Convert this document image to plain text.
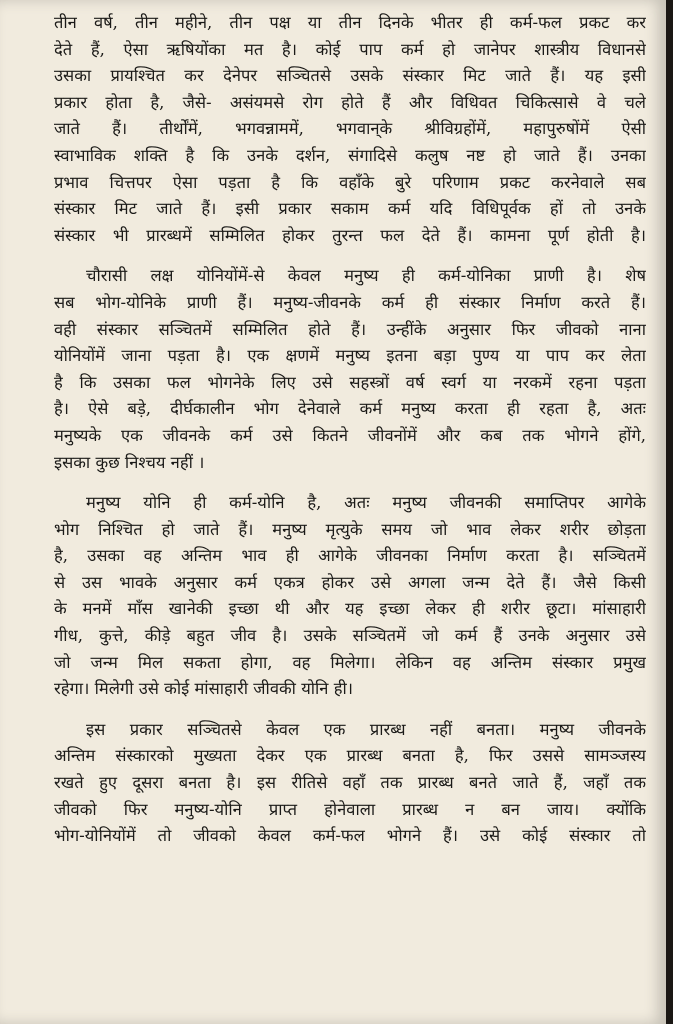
तीन वर्ष, तीन महीने, तीन पक्ष या तीन दिनके भीतर ही कर्म-फल प्रकट कर
देते हैं, ऐसा ऋषियोंका मत है। कोई पाप कर्म हो जानेपर शास्त्रीय विधानसे
उसका प्रायश्चित कर देनेपर सञ्चितसे उसके संस्कार मिट जाते हैं। यह इसी
प्रकार होता है, जैसे- असंयमसे रोग होते हैं और विधिवत चिकित्सासे वे चले
जाते हैं। तीर्थोंमें, भगवन्नाममें, भगवान्‌के श्रीविग्रहोंमें, महापुरुषोंमें ऐसी
स्वाभाविक शक्ति है कि उनके दर्शन, संगादिसे कलुष नष्ट हो जाते हैं। उनका
प्रभाव चित्तपर ऐसा पड़ता है कि वहाँके बुरे परिणाम प्रकट करनेवाले सब
संस्कार मिट जाते हैं। इसी प्रकार सकाम कर्म यदि विधिपूर्वक हों तो उनके
संस्कार भी प्रारब्धमें सम्मिलित होकर तुरन्त फल देते हैं। कामना पूर्ण होती है।

चौरासी लक्ष योनियोंमें-से केवल मनुष्य ही कर्म-योनिका प्राणी है। शेष
सब भोग-योनिके प्राणी हैं। मनुष्य-जीवनके कर्म ही संस्कार निर्माण करते हैं।
वही संस्कार सञ्चितमें सम्मिलित होते हैं। उन्हींके अनुसार फिर जीवको नाना
योनियोंमें जाना पड़ता है। एक क्षणमें मनुष्य इतना बड़ा पुण्य या पाप कर लेता
है कि उसका फल भोगनेके लिए उसे सहस्त्रों वर्ष स्वर्ग या नरकमें रहना पड़ता
है। ऐसे बड़े, दीर्घकालीन भोग देनेवाले कर्म मनुष्य करता ही रहता है, अतः
मनुष्यके एक जीवनके कर्म उसे कितने जीवनोंमें और कब तक भोगने होंगे,
इसका कुछ निश्चय नहीं ।

मनुष्य योनि ही कर्म-योनि है, अतः मनुष्य जीवनकी समाप्तिपर आगेके
भोग निश्चित हो जाते हैं। मनुष्य मृत्युके समय जो भाव लेकर शरीर छोड़ता
है, उसका वह अन्तिम भाव ही आगेके जीवनका निर्माण करता है। सञ्चितमें
से उस भावके अनुसार कर्म एकत्र होकर उसे अगला जन्म देते हैं। जैसे किसी
के मनमें माँस खानेकी इच्छा थी और यह इच्छा लेकर ही शरीर छूटा। मांसाहारी
गीध, कुत्ते, कीड़े बहुत जीव है। उसके सञ्चितमें जो कर्म हैं उनके अनुसार उसे
जो जन्म मिल सकता होगा, वह मिलेगा। लेकिन वह अन्तिम संस्कार प्रमुख
रहेगा। मिलेगी उसे कोई मांसाहारी जीवकी योनि ही।

इस प्रकार सञ्चितसे केवल एक प्रारब्ध नहीं बनता। मनुष्य जीवनके
अन्तिम संस्कारको मुख्यता देकर एक प्रारब्ध बनता है, फिर उससे सामञ्जस्य
रखते हुए दूसरा बनता है। इस रीतिसे वहाँ तक प्रारब्ध बनते जाते हैं, जहाँ तक
जीवको फिर मनुष्य-योनि प्राप्त होनेवाला प्रारब्ध न बन जाय। क्योंकि
भोग-योनियोंमें तो जीवको केवल कर्म-फल भोगने हैं। उसे कोई संस्कार तो
